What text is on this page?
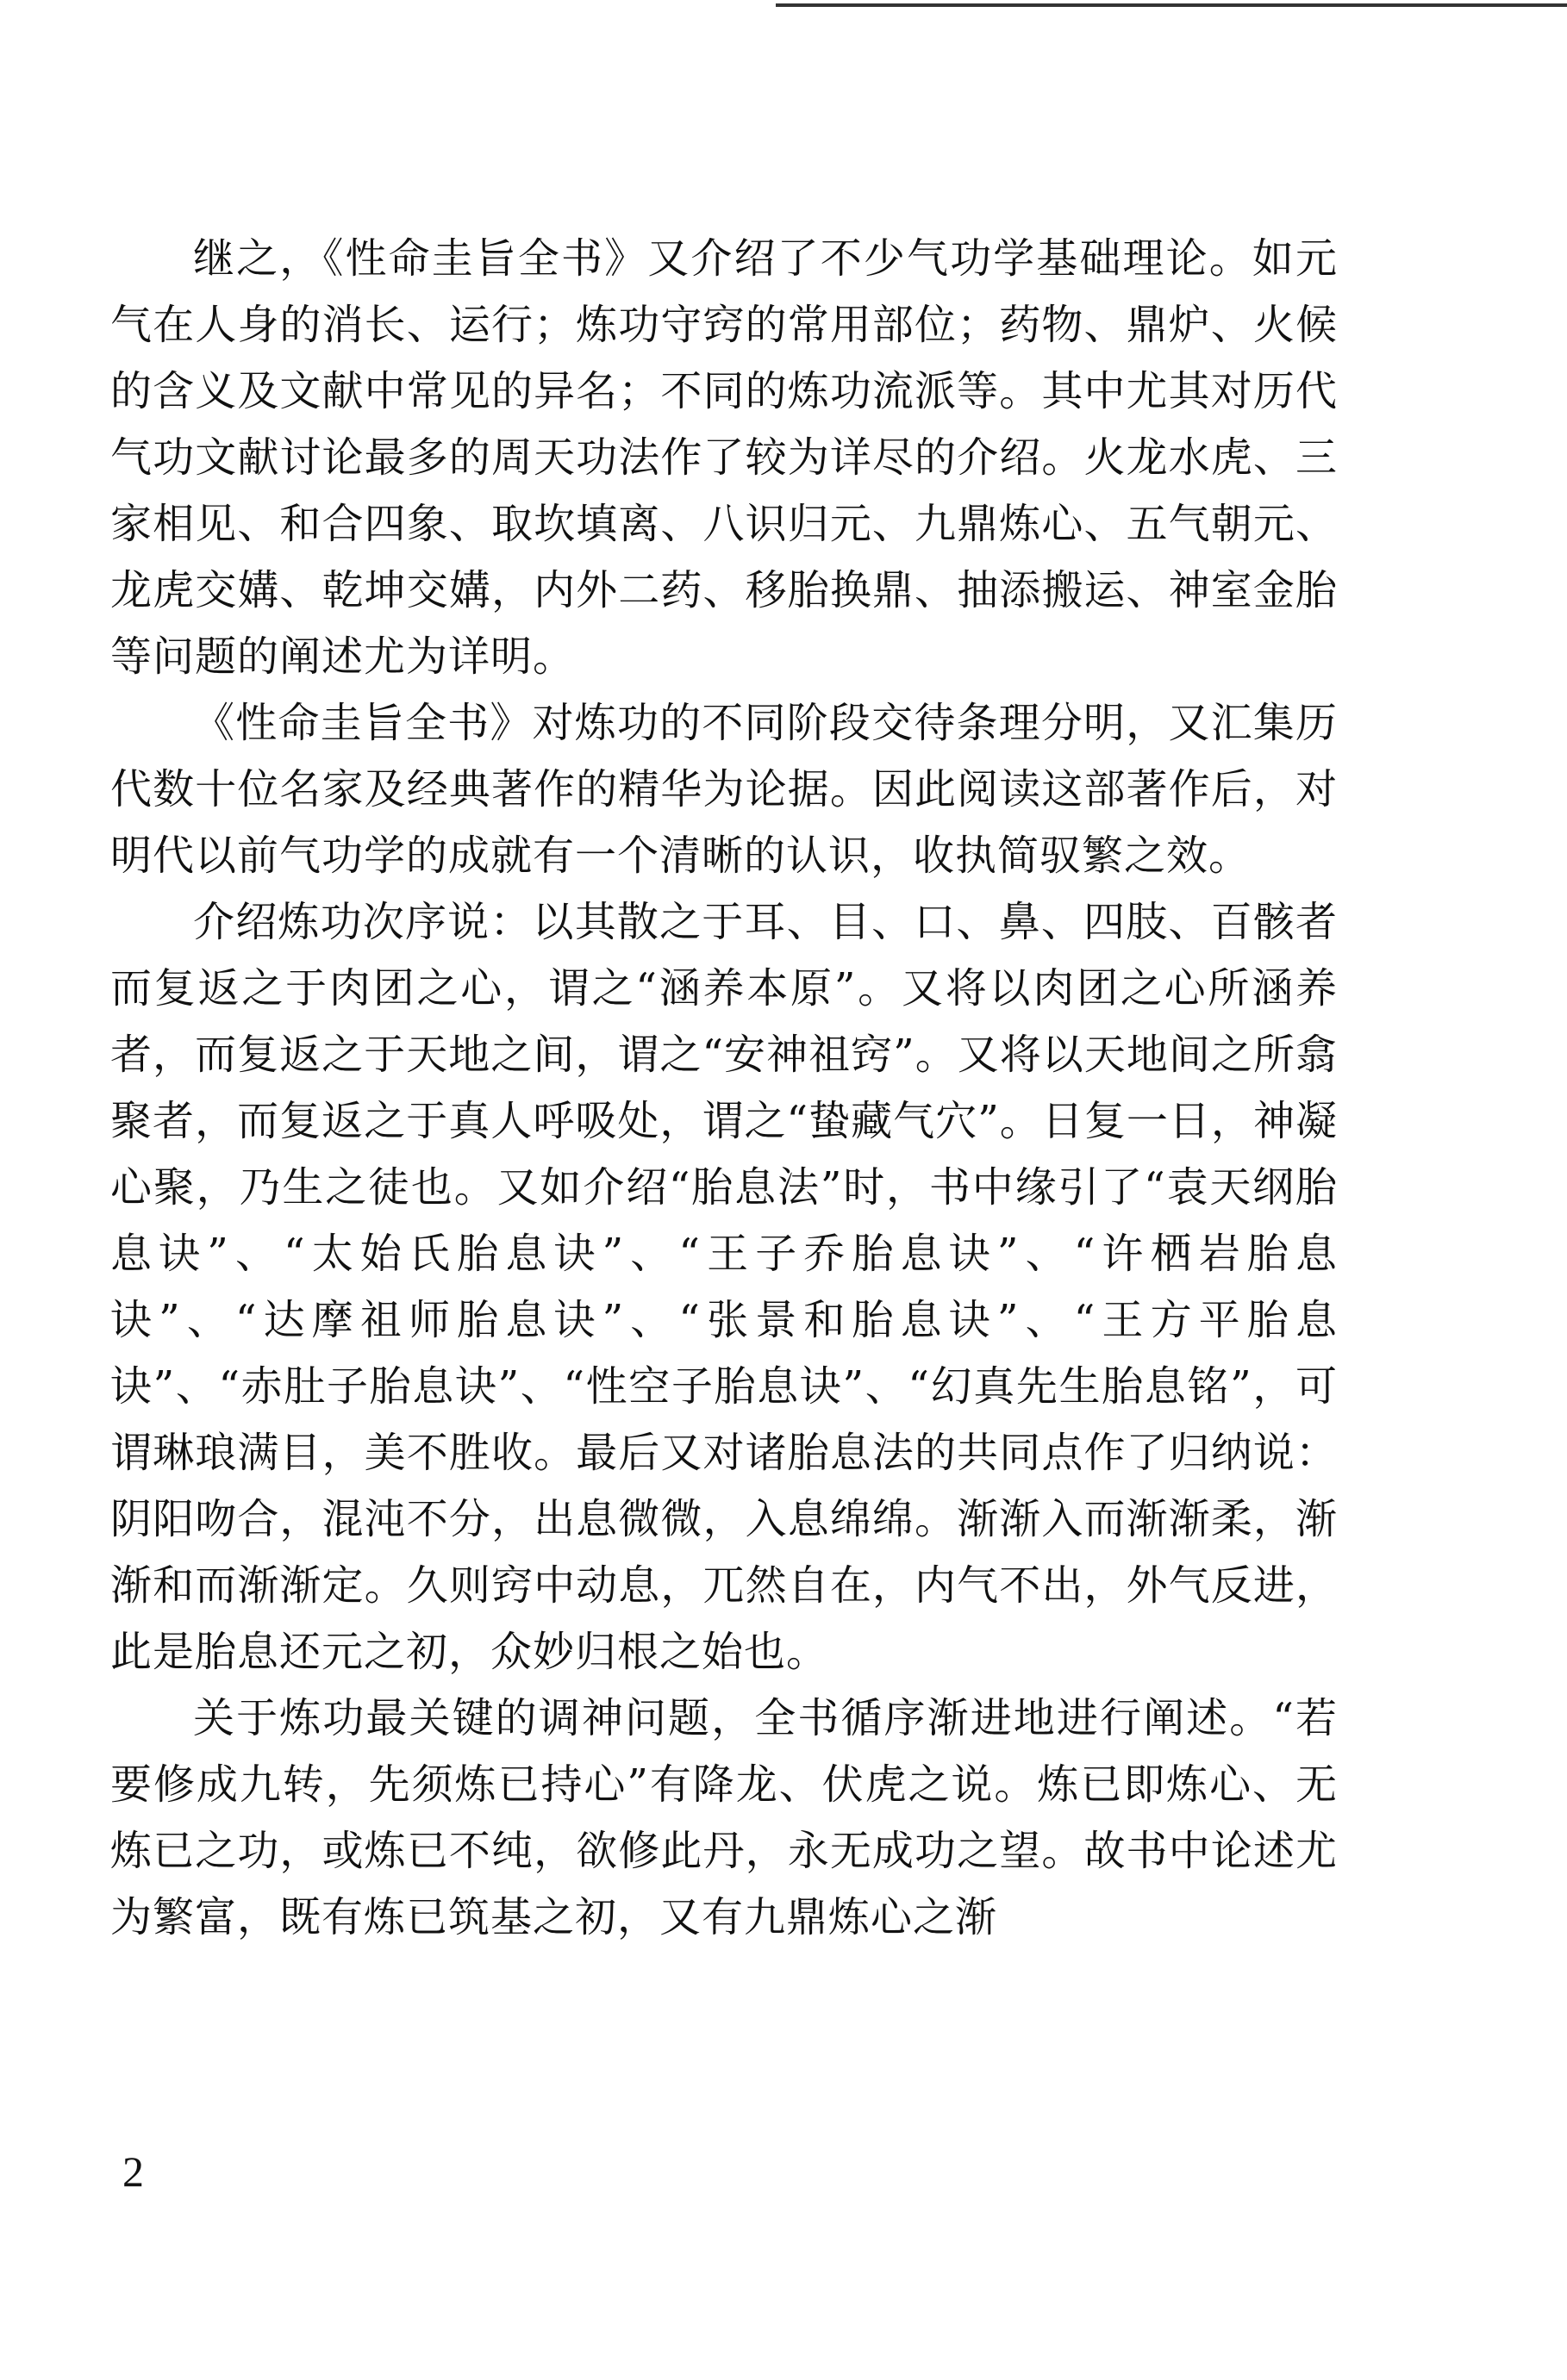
继之，《性命圭旨全书》又介绍了不少气功学基础理论。如元气在人身的消长、运行；炼功守窍的常用部位；药物、鼎炉、火候的含义及文献中常见的异名；不同的炼功流派等。其中尤其对历代气功文献讨论最多的周天功法作了较为详尽的介绍。火龙水虎、三家相见、和合四象、取坎填离、八识归元、九鼎炼心、五气朝元、龙虎交媾、乾坤交媾，内外二药、移胎换鼎、抽添搬运、神室金胎等问题的阐述尤为详明。

《性命圭旨全书》对炼功的不同阶段交待条理分明，又汇集历代数十位名家及经典著作的精华为论据。因此阅读这部著作后，对明代以前气功学的成就有一个清晰的认识，收执简驭繁之效。

介绍炼功次序说：以其散之于耳、目、口、鼻、四肢、百骸者而复返之于肉团之心，谓之“涵养本原”。又将以肉团之心所涵养者，而复返之于天地之间，谓之“安神祖窍”。又将以天地间之所翕聚者，而复返之于真人呼吸处，谓之“蛰藏气穴”。日复一日，神凝心聚，乃生之徒也。又如介绍“胎息法”时，书中缘引了“袁天纲胎息诀”、“太始氏胎息诀”、“王子乔胎息诀”、“许栖岩胎息诀”、“达摩祖师胎息诀”、“张景和胎息诀”、“王方平胎息诀”、“赤肚子胎息诀”、“性空子胎息诀”、“幻真先生胎息铭”，可谓琳琅满目，美不胜收。最后又对诸胎息法的共同点作了归纳说：阴阳吻合，混沌不分，出息微微，入息绵绵。渐渐入而渐渐柔，渐渐和而渐渐定。久则窍中动息，兀然自在，内气不出，外气反进，此是胎息还元之初，众妙归根之始也。

关于炼功最关键的调神问题，全书循序渐进地进行阐述。“若要修成九转，先须炼已持心”有降龙、伏虎之说。炼已即炼心、无炼已之功，或炼已不纯，欲修此丹，永无成功之望。故书中论述尤为繁富，既有炼已筑基之初，又有九鼎炼心之渐

2
